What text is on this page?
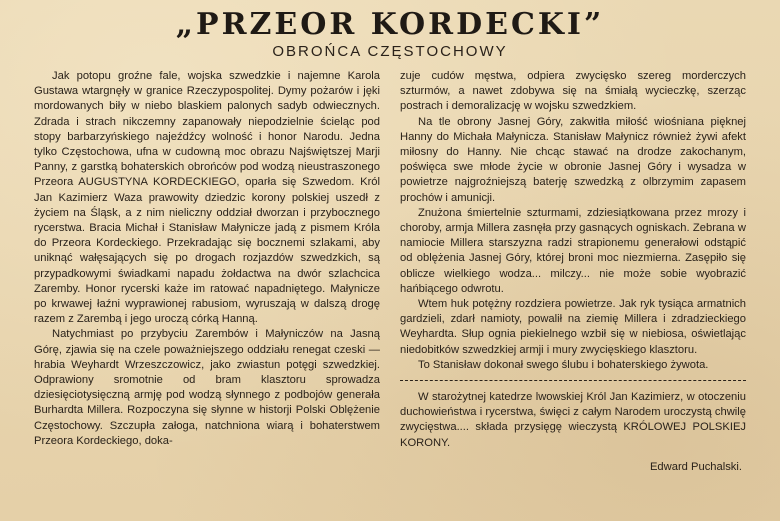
„PRZEOR KORDECKI”
OBROŃCA CZĘSTOCHOWY

Jak potopu groźne fale, wojska szwedzkie i najemne Karola Gustawa wtargnęły w granice Rzeczypospolitej. Dymy pożarów i jęki mordowanych biły w niebo blaskiem palonych sadyb odwiecznych. Zdrada i strach nikczemny zapanowały niepodzielnie ścieląc pod stopy barbarzyńskiego najeźdźcy wolność i honor Narodu. Jedna tylko Częstochowa, ufna w cudowną moc obrazu Najświętszej Marji Panny, z garstką bohaterskich obrońców pod wodzą nieustraszonego Przeora AUGUSTYNA KORDECKIEGO, oparła się Szwedom. Król Jan Kazimierz Waza prawowity dziedzic korony polskiej uszedł z życiem na Śląsk, a z nim nieliczny oddział dworzan i przybocznego rycerstwa. Bracia Michał i Stanisław Małynicze jadą z pismem Króla do Przeora Kordeckiego. Przekradając się bocznemi szlakami, aby uniknąć wałęsających się po drogach rozjazdów szwedzkich, są przypadkowymi świadkami napadu żołdactwa na dwór szlachcica Zaremby. Honor rycerski każe im ratować napadniętego. Małynicze po krwawej łaźni wyprawionej rabusiom, wyruszają w dalszą drogę razem z Zarembą i jego uroczą córką Hanną.

Natychmiast po przybyciu Zarembów i Małyniczów na Jasną Górę, zjawia się na czele poważniejszego oddziału renegat czeski — hrabia Weyhardt Wrzeszczowicz, jako zwiastun potęgi szwedzkiej. Odprawiony sromotnie od bram klasztoru sprowadza dziesięciotysięczną armję pod wodzą słynnego z podbojów generała Burhardta Millera. Rozpoczyna się słynne w historji Polski Oblężenie Częstochowy. Szczupła załoga, natchniona wiarą i bohaterstwem Przeora Kordeckiego, doka-

zuje cudów męstwa, odpiera zwycięsko szereg morderczych szturmów, a nawet zdobywa się na śmiałą wycieczkę, szerząc postrach i demoralizację w wojsku szwedzkiem.

Na tle obrony Jasnej Góry, zakwitła miłość wiośniana pięknej Hanny do Michała Małynicza. Stanisław Małynicz również żywi afekt miłosny do Hanny. Nie chcąc stawać na drodze zakochanym, poświęca swe młode życie w obronie Jasnej Góry i wysadza w powietrze najgroźniejszą baterję szwedzką z olbrzymim zapasem prochów i amunicji.

Znużona śmiertelnie szturmami, zdziesiątkowana przez mrozy i choroby, armja Millera zasnęła przy gasnących ogniskach. Zebrana w namiocie Millera starszyzna radzi strapionemu generałowi odstąpić od oblężenia Jasnej Góry, której broni moc niezmierna. Zasępiło się oblicze wielkiego wodza... milczy... nie może sobie wyobrazić hańbiącego odwrotu.

Wtem huk potężny rozdziera powietrze. Jak ryk tysiąca armatnich gardzieli, zdarł namioty, powalił na ziemię Millera i zdradzieckiego Weyhardta. Słup ognia piekielnego wzbił się w niebiosa, oświetlając niedobitków szwedzkiej armji i mury zwycięskiego klasztoru.

To Stanisław dokonał swego ślubu i bohaterskiego żywota.

W starożytnej katedrze lwowskiej Król Jan Kazimierz, w otoczeniu duchowieństwa i rycerstwa, święci z całym Narodem uroczystą chwilę zwycięstwa.... składa przysięgę wieczystą KRÓLOWEJ POLSKIEJ KORONY.

Edward Puchalski.
